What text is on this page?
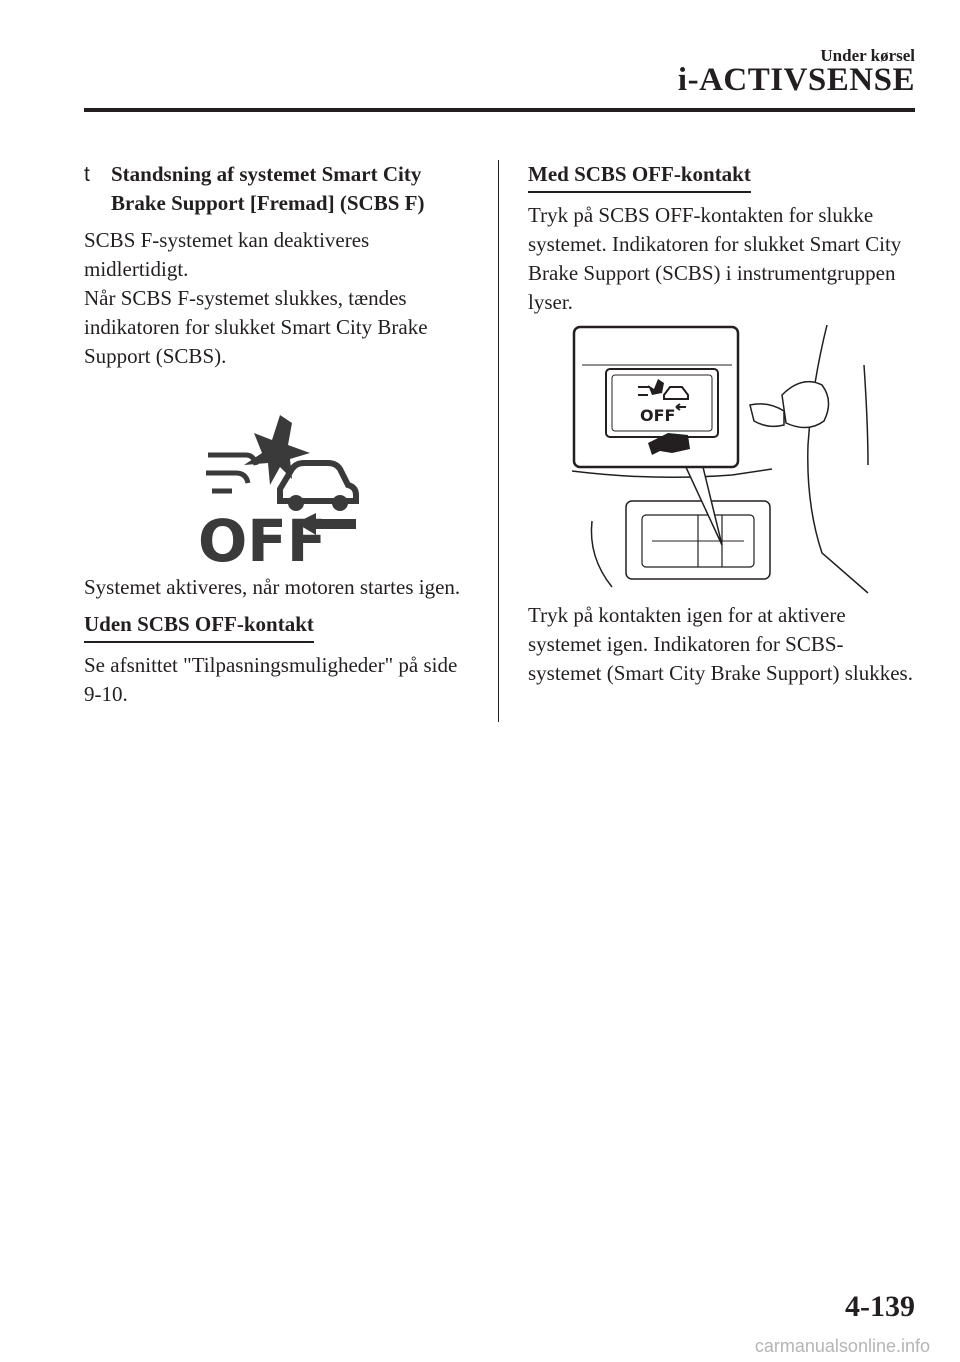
Under kørsel
i-ACTIVSENSE
t Standsning af systemet Smart City Brake Support [Fremad] (SCBS F)

SCBS F-systemet kan deaktiveres midlertidigt.

Når SCBS F-systemet slukkes, tændes indikatoren for slukket Smart City Brake Support (SCBS).

OFF

Systemet aktiveres, når motoren startes igen.

Uden SCBS OFF-kontakt

Se afsnittet "Tilpasningsmuligheder" på side 9-10.

Med SCBS OFF-kontakt

Tryk på SCBS OFF-kontakten for slukke systemet. Indikatoren for slukket Smart City Brake Support (SCBS) i instrumentgruppen lyser.

OFF

Tryk på kontakten igen for at aktivere systemet igen. Indikatoren for SCBS-systemet (Smart City Brake Support) slukkes.

4-139
carmanualsonline.info
